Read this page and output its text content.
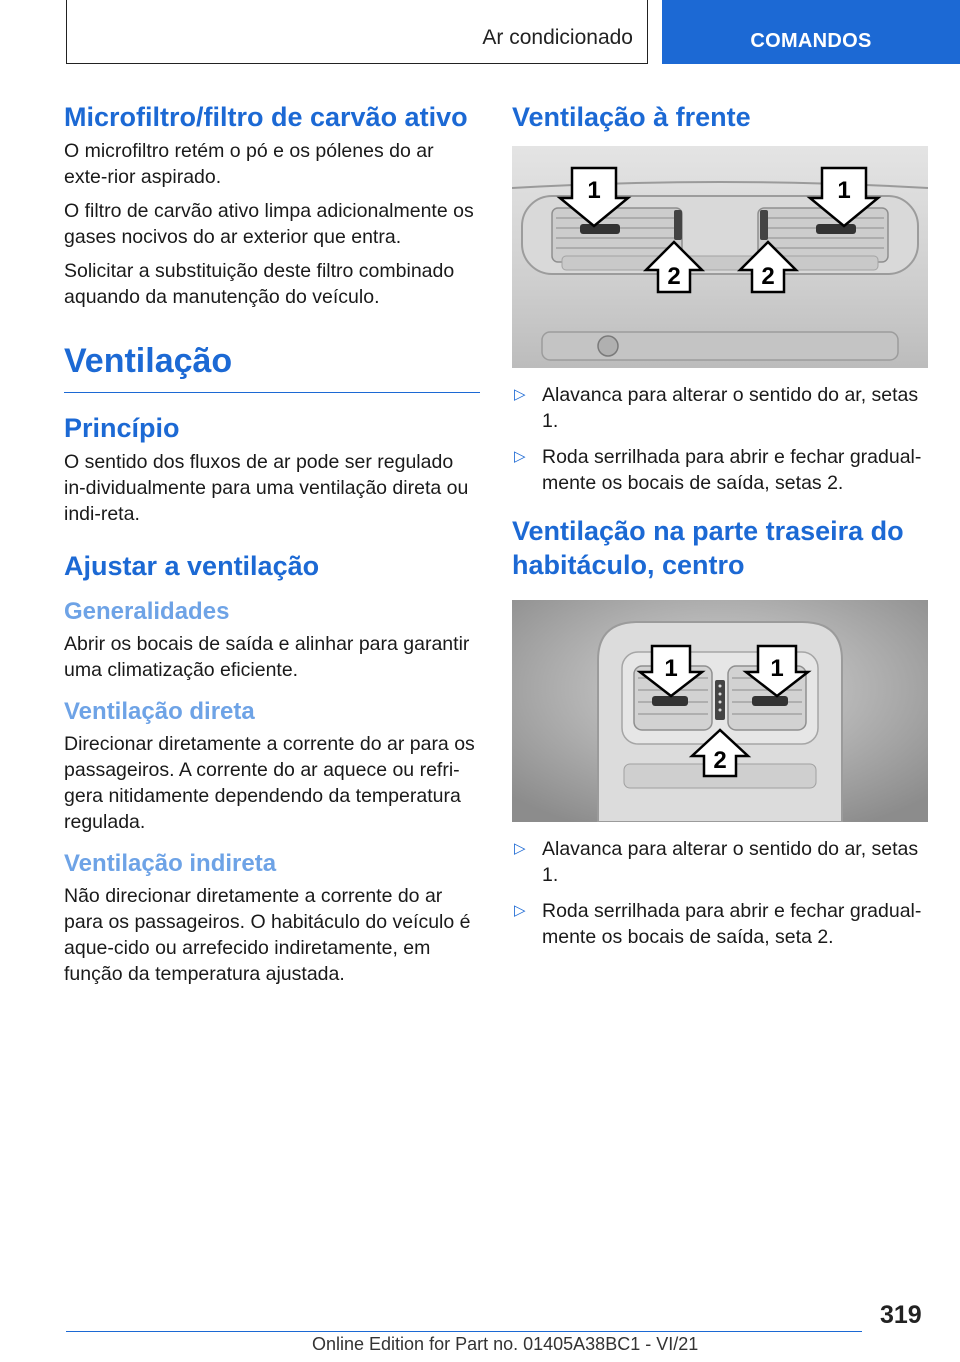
Ar condicionado	COMANDOS
Microfiltro/filtro de carvão ativo

O microfiltro retém o pó e os pólenes do ar exte-rior aspirado.

O filtro de carvão ativo limpa adicionalmente os gases nocivos do ar exterior que entra.

Solicitar a substituição deste filtro combinado aquando da manutenção do veículo.

Ventilação
Princípio

O sentido dos fluxos de ar pode ser regulado in-dividualmente para uma ventilação direta ou indi-reta.

Ajustar a ventilação
Generalidades

Abrir os bocais de saída e alinhar para garantir uma climatização eficiente.

Ventilação direta

Direcionar diretamente a corrente do ar para os passageiros. A corrente do ar aquece ou refri-gera nitidamente dependendo da temperatura regulada.

Ventilação indireta

Não direcionar diretamente a corrente do ar para os passageiros. O habitáculo do veículo é aque-cido ou arrefecido indiretamente, em função da temperatura ajustada.

Ventilação à frente
1	1
2	2
▷ Alavanca para alterar o sentido do ar, setas 1.
▷ Roda serrilhada para abrir e fechar gradual-mente os bocais de saída, setas 2.
Ventilação na parte traseira do habitáculo, centro
1	1
2
▷ Alavanca para alterar o sentido do ar, setas 1.
▷ Roda serrilhada para abrir e fechar gradual-mente os bocais de saída, seta 2.
319
Online Edition for Part no. 01405A38BC1 - VI/21
